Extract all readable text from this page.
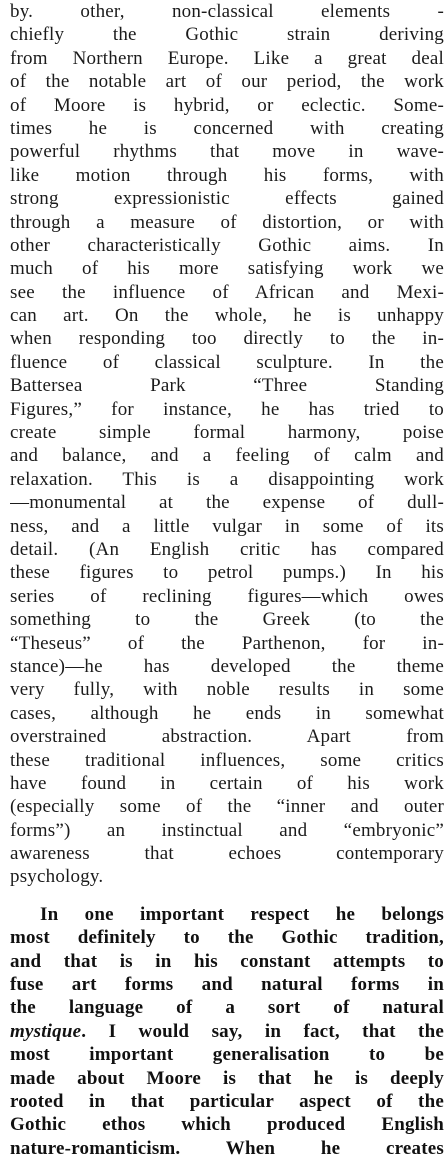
by. other, non-classical elements -
chiefly the Gothic strain deriving
from Northern Europe. Like a great deal
of the notable art of our period, the work
of Moore is hybrid, or eclectic. Some-
times he is concerned with creating
powerful rhythms that move in wave-
like motion through his forms, with
strong expressionistic effects gained
through a measure of distortion, or with
other characteristically Gothic aims. In
much of his more satisfying work we
see the influence of African and Mexi-
can art. On the whole, he is unhappy
when responding too directly to the in-
fluence of classical sculpture. In the
Battersea Park “Three Standing
Figures,” for instance, he has tried to
create simple formal harmony, poise
and balance, and a feeling of calm and
relaxation. This is a disappointing work
—monumental at the expense of dull-
ness, and a little vulgar in some of its
detail. (An English critic has compared
these figures to petrol pumps.) In his
series of reclining figures—which owes
something to the Greek (to the
“Theseus” of the Parthenon, for in-
stance)—he has developed the theme
very fully, with noble results in some
cases, although he ends in somewhat
overstrained abstraction. Apart from
these traditional influences, some critics
have found in certain of his work
(especially some of the “inner and outer
forms”) an instinctual and “embryonic”
awareness that echoes contemporary
psychology.
In one important respect he belongs
most definitely to the Gothic tradition,
and that is in his constant attempts to
fuse art forms and natural forms in
the language of a sort of natural
mystique. I would say, in fact, that the
most important generalisation to be
made about Moore is that he is deeply
rooted in that particular aspect of the
Gothic ethos which produced English
nature-romanticism. When he creates
